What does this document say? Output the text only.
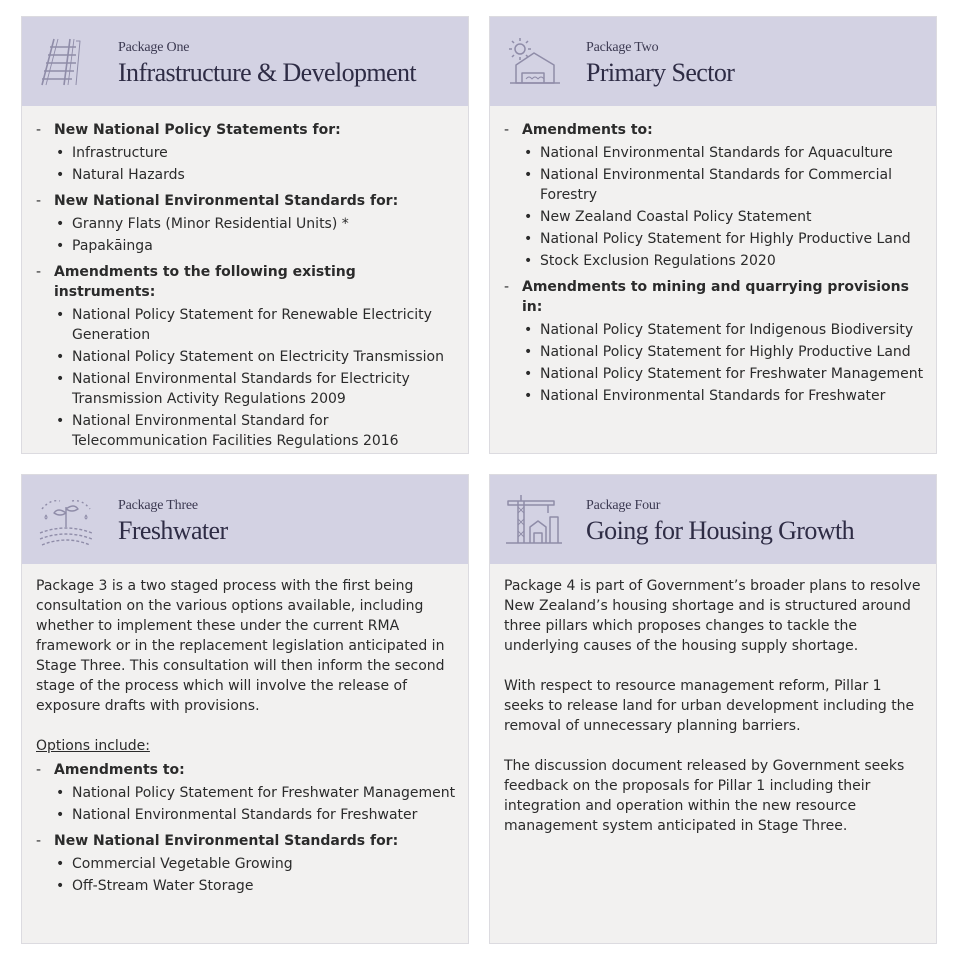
Package One
Infrastructure & Development
- New National Policy Statements for:
• Infrastructure
• Natural Hazards
- New National Environmental Standards for:
• Granny Flats (Minor Residential Units) *
• Papakāinga
- Amendments to the following existing instruments:
• National Policy Statement for Renewable Electricity Generation
• National Policy Statement on Electricity Transmission
• National Environmental Standards for Electricity Transmission Activity Regulations 2009
• National Environmental Standard for Telecommunication Facilities Regulations 2016
Package Two
Primary Sector
- Amendments to:
• National Environmental Standards for Aquaculture
• National Environmental Standards for Commercial Forestry
• New Zealand Coastal Policy Statement
• National Policy Statement for Highly Productive Land
• Stock Exclusion Regulations 2020
- Amendments to mining and quarrying provisions in:
• National Policy Statement for Indigenous Biodiversity
• National Policy Statement for Highly Productive Land
• National Policy Statement for Freshwater Management
• National Environmental Standards for Freshwater
Package Three
Freshwater

Package 3 is a two staged process with the first being consultation on the various options available, including whether to implement these under the current RMA framework or in the replacement legislation anticipated in Stage Three. This consultation will then inform the second stage of the process which will involve the release of exposure drafts with provisions.

Options include:
- Amendments to:
• National Policy Statement for Freshwater Management
• National Environmental Standards for Freshwater
- New National Environmental Standards for:
• Commercial Vegetable Growing
• Off-Stream Water Storage
Package Four
Going for Housing Growth

Package 4 is part of Government’s broader plans to resolve New Zealand’s housing shortage and is structured around three pillars which proposes changes to tackle the underlying causes of the housing supply shortage.

With respect to resource management reform, Pillar 1 seeks to release land for urban development including the removal of unnecessary planning barriers.

The discussion document released by Government seeks feedback on the proposals for Pillar 1 including their integration and operation within the new resource management system anticipated in Stage Three.
